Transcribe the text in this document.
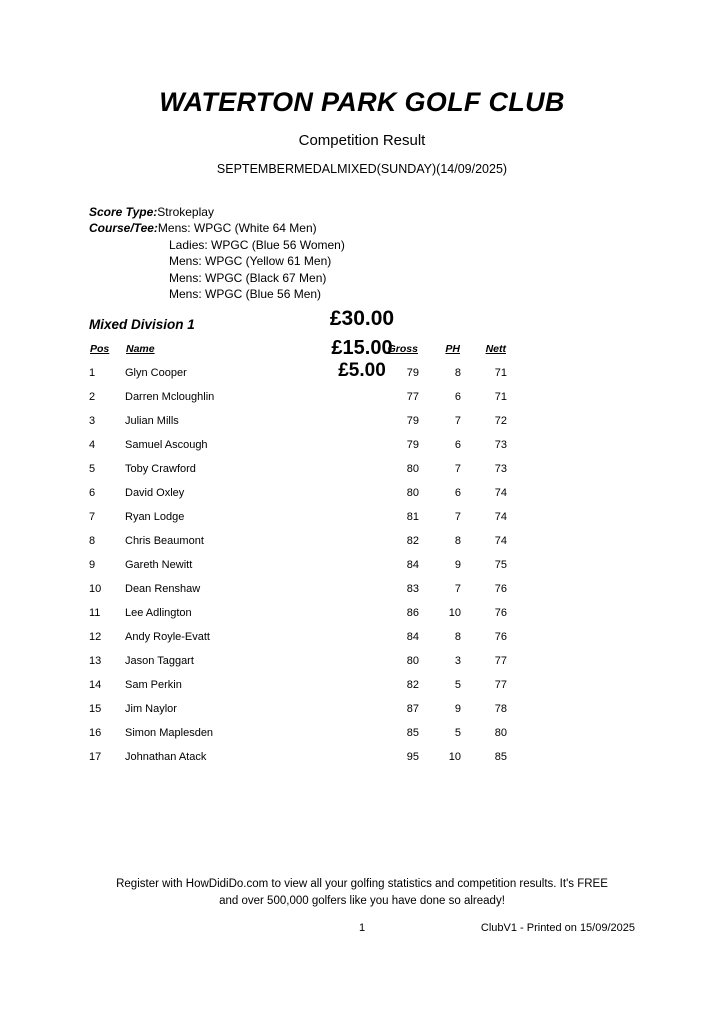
WATERTON PARK GOLF CLUB
Competition Result
SEPTEMBERMEDALMIXED(SUNDAY)(14/09/2025)
Score Type: Strokeplay
Course/Tee: Mens: WPGC (White 64 Men)
Ladies: WPGC (Blue 56 Women)
Mens: WPGC (Yellow 61 Men)
Mens: WPGC (Black 67 Men)
Mens: WPGC (Blue 56 Men)
Mixed Division 1
Pos	Name	Gross	PH	Nett
1	Glyn Cooper	79	8	71
2	Darren Mcloughlin	77	6	71
3	Julian Mills	79	7	72
4	Samuel Ascough	79	6	73
5	Toby Crawford	80	7	73
6	David Oxley	80	6	74
7	Ryan Lodge	81	7	74
8	Chris Beaumont	82	8	74
9	Gareth Newitt	84	9	75
10	Dean Renshaw	83	7	76
11	Lee Adlington	86	10	76
12	Andy Royle-Evatt	84	8	76
13	Jason Taggart	80	3	77
14	Sam Perkin	82	5	77
15	Jim Naylor	87	9	78
16	Simon Maplesden	85	5	80
17	Johnathan Atack	95	10	85
£30.00
£15.00
£5.00
Register with HowDidiDo.com to view all your golfing statistics and competition results. It's FREE
and over 500,000 golfers like you have done so already!
1	ClubV1 - Printed on 15/09/2025
